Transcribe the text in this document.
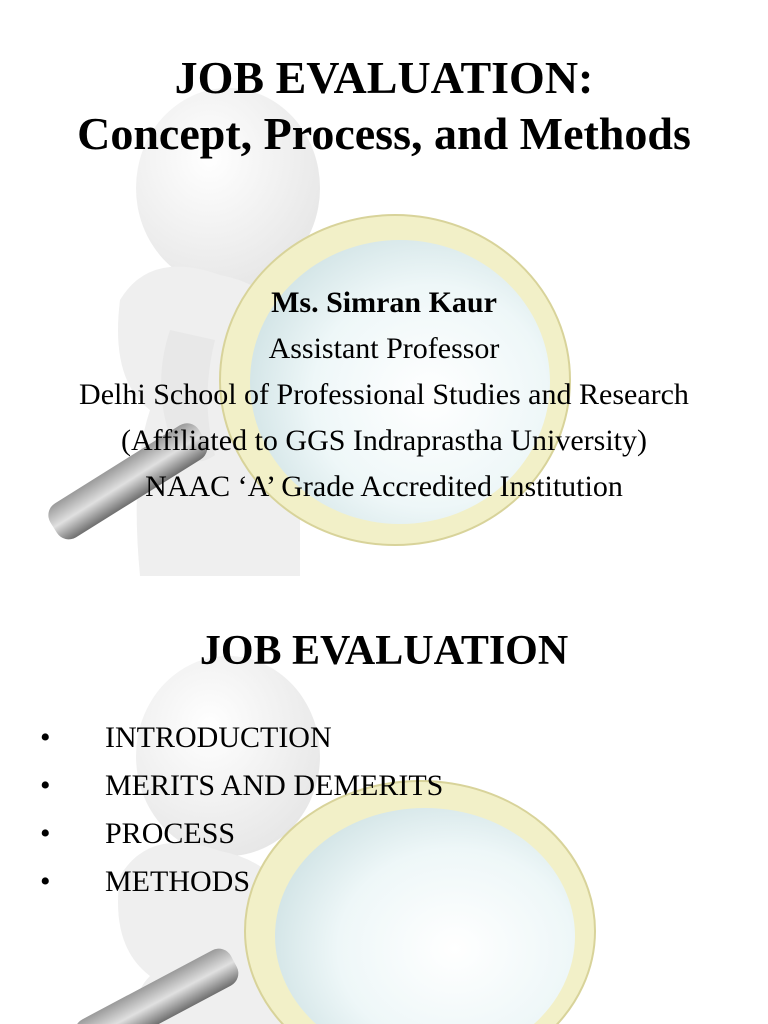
JOB EVALUATION:
Concept, Process, and Methods
Ms. Simran Kaur
Assistant Professor
Delhi School of Professional Studies and Research
(Affiliated to GGS Indraprastha University)
NAAC ‘A’ Grade Accredited Institution
JOB EVALUATION
•	INTRODUCTION
•	MERITS AND DEMERITS
•	PROCESS
•	METHODS
